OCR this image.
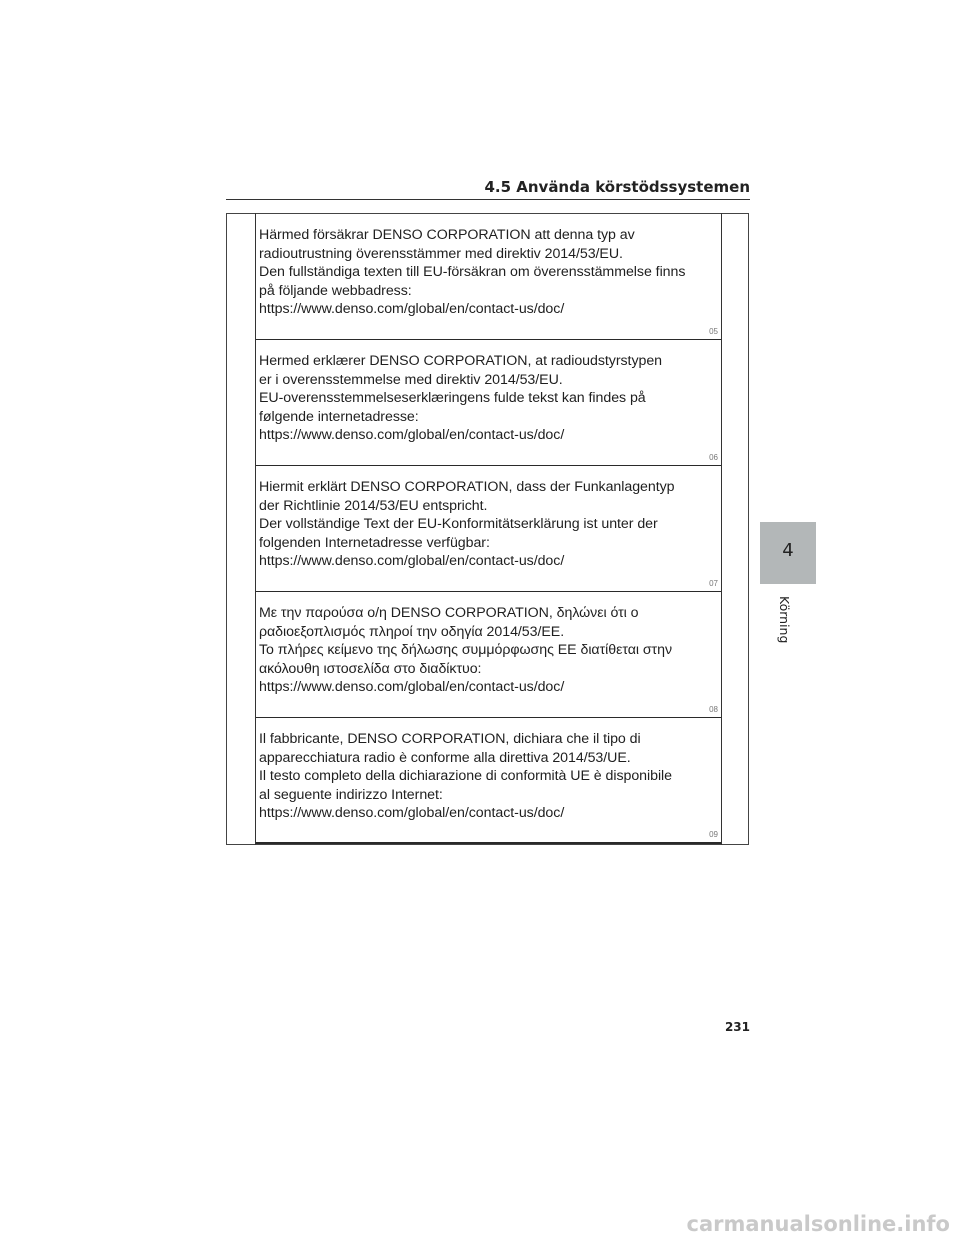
4.5 Använda körstödssystemen
Härmed försäkrar DENSO CORPORATION att denna typ av
radioutrustning överensstämmer med direktiv 2014/53/EU.
Den fullständiga texten till EU-försäkran om överensstämmelse finns
på följande webbadress:
https://www.denso.com/global/en/contact-us/doc/
05
Hermed erklærer DENSO CORPORATION, at radioudstyrstypen
er i overensstemmelse med direktiv 2014/53/EU.
EU-overensstemmelseserklæringens fulde tekst kan findes på
følgende internetadresse:
https://www.denso.com/global/en/contact-us/doc/
06
Hiermit erklärt DENSO CORPORATION, dass der Funkanlagentyp
der Richtlinie 2014/53/EU entspricht.
Der vollständige Text der EU-Konformitätserklärung ist unter der
folgenden Internetadresse verfügbar:
https://www.denso.com/global/en/contact-us/doc/
07
Με την παρούσα ο/η DENSO CORPORATION, δηλώνει ότι ο
ραδιοεξοπλισμός πληροί την οδηγία 2014/53/ΕΕ.
Το πλήρες κείμενο της δήλωσης συμμόρφωσης ΕΕ διατίθεται στην
ακόλουθη ιστοσελίδα στο διαδίκτυο:
https://www.denso.com/global/en/contact-us/doc/
08
Il fabbricante, DENSO CORPORATION, dichiara che il tipo di
apparecchiatura radio è conforme alla direttiva 2014/53/UE.
Il testo completo della dichiarazione di conformità UE è disponibile
al seguente indirizzo Internet:
https://www.denso.com/global/en/contact-us/doc/
09
4
Körning
231
carmanualsonline.info
